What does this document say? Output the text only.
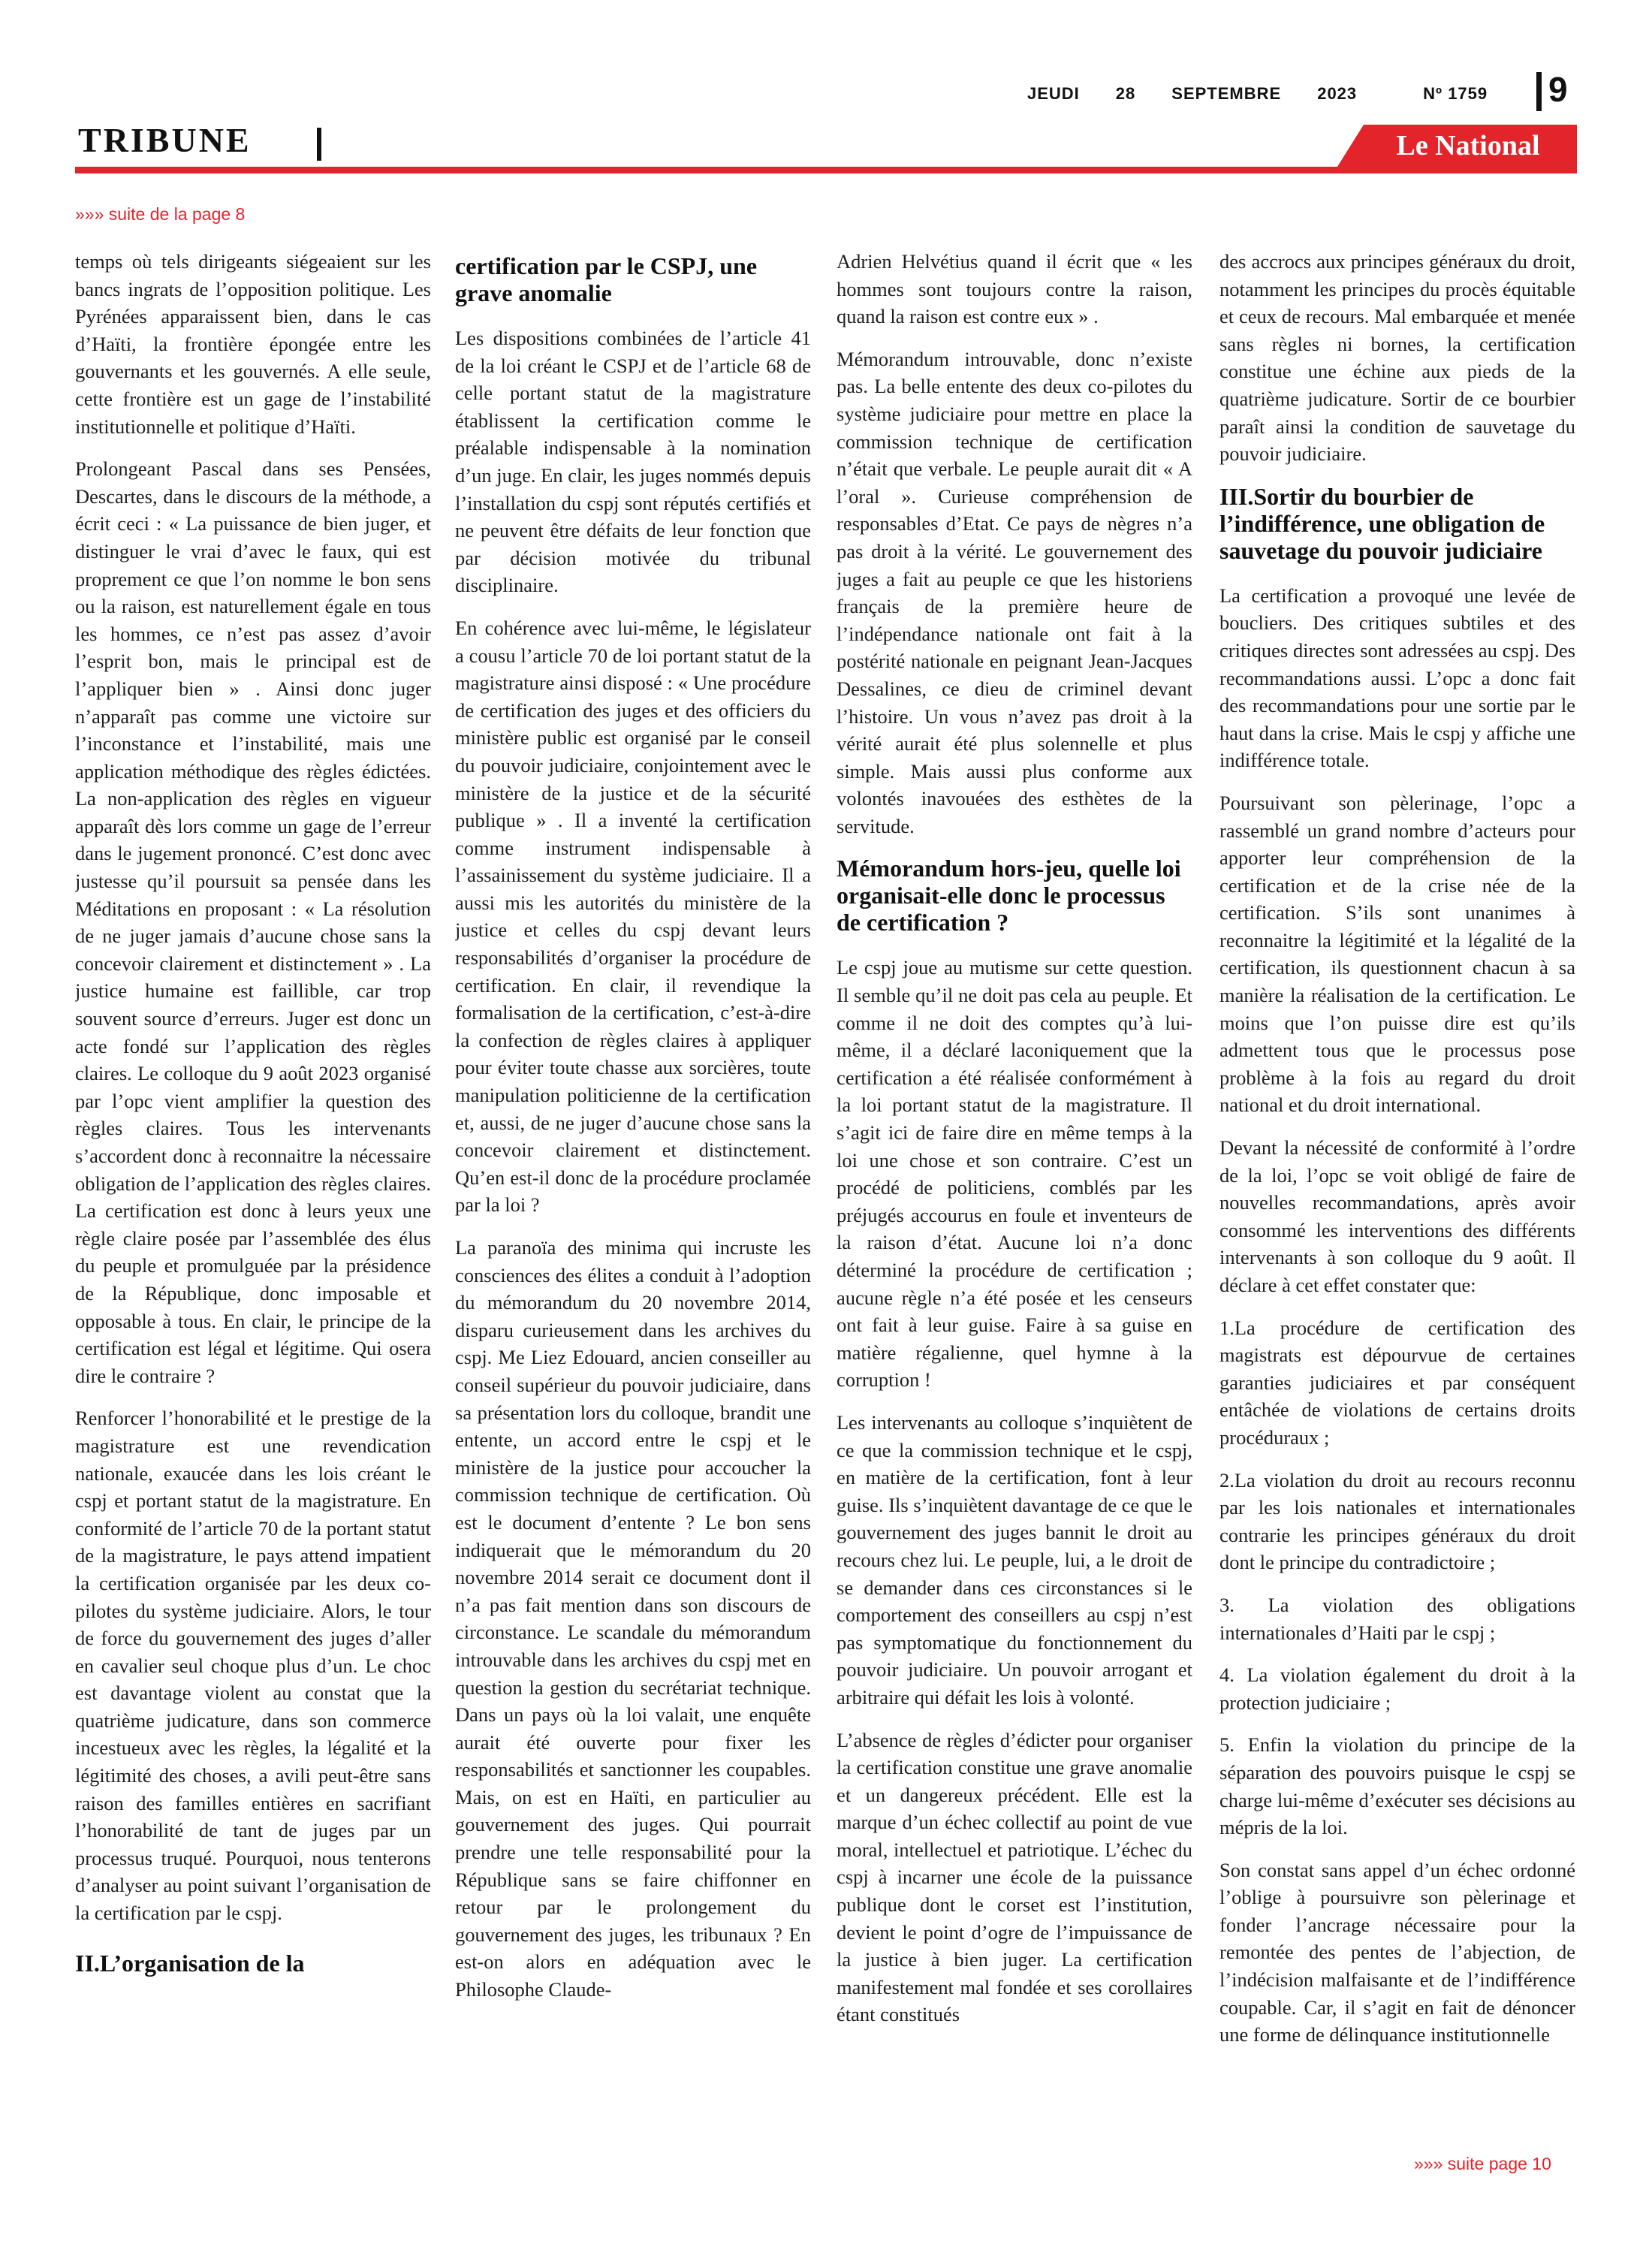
JEUDI 28 SEPTEMBRE 2023	Nº 1759	9
TRIBUNE	Le National
»»» suite de la page 8

temps où tels dirigeants siégeaient sur les bancs ingrats de l’opposition politique. Les Pyrénées apparaissent bien, dans le cas d’Haïti, la frontière épongée entre les gouvernants et les gouvernés. A elle seule, cette frontière est un gage de l’instabilité institutionnelle et politique d’Haïti.

Prolongeant Pascal dans ses Pensées, Descartes, dans le discours de la méthode, a écrit ceci : « La puissance de bien juger, et distinguer le vrai d’avec le faux, qui est proprement ce que l’on nomme le bon sens ou la raison, est naturellement égale en tous les hommes, ce n’est pas assez d’avoir l’esprit bon, mais le principal est de l’appliquer bien » . Ainsi donc juger n’apparaît pas comme une victoire sur l’inconstance et l’instabilité, mais une application méthodique des règles édictées. La non-application des règles en vigueur apparaît dès lors comme un gage de l’erreur dans le jugement prononcé. C’est donc avec justesse qu’il poursuit sa pensée dans les Méditations en proposant : « La résolution de ne juger jamais d’aucune chose sans la concevoir clairement et distinctement » . La justice humaine est faillible, car trop souvent source d’erreurs. Juger est donc un acte fondé sur l’application des règles claires. Le colloque du 9 août 2023 organisé par l’opc vient amplifier la question des règles claires. Tous les intervenants s’accordent donc à reconnaitre la nécessaire obligation de l’application des règles claires. La certification est donc à leurs yeux une règle claire posée par l’assemblée des élus du peuple et promulguée par la présidence de la République, donc imposable et opposable à tous. En clair, le principe de la certification est légal et légitime. Qui osera dire le contraire ?

Renforcer l’honorabilité et le prestige de la magistrature est une revendication nationale, exaucée dans les lois créant le cspj et portant statut de la magistrature. En conformité de l’article 70 de la portant statut de la magistrature, le pays attend impatient la certification organisée par les deux co-pilotes du système judiciaire. Alors, le tour de force du gouvernement des juges d’aller en cavalier seul choque plus d’un. Le choc est davantage violent au constat que la quatrième judicature, dans son commerce incestueux avec les règles, la légalité et la légitimité des choses, a avili peut-être sans raison des familles entières en sacrifiant l’honorabilité de tant de juges par un processus truqué. Pourquoi, nous tenterons d’analyser au point suivant l’organisation de la certification par le cspj.

II.L’organisation de la
certification par le CSPJ, une grave anomalie

Les dispositions combinées de l’article 41 de la loi créant le CSPJ et de l’article 68 de celle portant statut de la magistrature établissent la certification comme le préalable indispensable à la nomination d’un juge. En clair, les juges nommés depuis l’installation du cspj sont réputés certifiés et ne peuvent être défaits de leur fonction que par décision motivée du tribunal disciplinaire.

En cohérence avec lui-même, le législateur a cousu l’article 70 de loi portant statut de la magistrature ainsi disposé : « Une procédure de certification des juges et des officiers du ministère public est organisé par le conseil du pouvoir judiciaire, conjointement avec le ministère de la justice et de la sécurité publique » . Il a inventé la certification comme instrument indispensable à l’assainissement du système judiciaire. Il a aussi mis les autorités du ministère de la justice et celles du cspj devant leurs responsabilités d’organiser la procédure de certification. En clair, il revendique la formalisation de la certification, c’est-à-dire la confection de règles claires à appliquer pour éviter toute chasse aux sorcières, toute manipulation politicienne de la certification et, aussi, de ne juger d’aucune chose sans la concevoir clairement et distinctement. Qu’en est-il donc de la procédure proclamée par la loi ?

La paranoïa des minima qui incruste les consciences des élites a conduit à l’adoption du mémorandum du 20 novembre 2014, disparu curieusement dans les archives du cspj. Me Liez Edouard, ancien conseiller au conseil supérieur du pouvoir judiciaire, dans sa présentation lors du colloque, brandit une entente, un accord entre le cspj et le ministère de la justice pour accoucher la commission technique de certification. Où est le document d’entente ? Le bon sens indiquerait que le mémorandum du 20 novembre 2014 serait ce document dont il n’a pas fait mention dans son discours de circonstance. Le scandale du mémorandum introuvable dans les archives du cspj met en question la gestion du secrétariat technique. Dans un pays où la loi valait, une enquête aurait été ouverte pour fixer les responsabilités et sanctionner les coupables. Mais, on est en Haïti, en particulier au gouvernement des juges. Qui pourrait prendre une telle responsabilité pour la République sans se faire chiffonner en retour par le prolongement du gouvernement des juges, les tribunaux ? En est-on alors en adéquation avec le Philosophe Claude-

Adrien Helvétius quand il écrit que « les hommes sont toujours contre la raison, quand la raison est contre eux » .

Mémorandum introuvable, donc n’existe pas. La belle entente des deux co-pilotes du système judiciaire pour mettre en place la commission technique de certification n’était que verbale. Le peuple aurait dit « A l’oral ». Curieuse compréhension de responsables d’Etat. Ce pays de nègres n’a pas droit à la vérité. Le gouvernement des juges a fait au peuple ce que les historiens français de la première heure de l’indépendance nationale ont fait à la postérité nationale en peignant Jean-Jacques Dessalines, ce dieu de criminel devant l’histoire. Un vous n’avez pas droit à la vérité aurait été plus solennelle et plus simple. Mais aussi plus conforme aux volontés inavouées des esthètes de la servitude.

Mémorandum hors-jeu, quelle loi organisait-elle donc le processus de certification ?

Le cspj joue au mutisme sur cette question. Il semble qu’il ne doit pas cela au peuple. Et comme il ne doit des comptes qu’à lui-même, il a déclaré laconiquement que la certification a été réalisée conformément à la loi portant statut de la magistrature. Il s’agit ici de faire dire en même temps à la loi une chose et son contraire. C’est un procédé de politiciens, comblés par les préjugés accourus en foule et inventeurs de la raison d’état. Aucune loi n’a donc déterminé la procédure de certification ; aucune règle n’a été posée et les censeurs ont fait à leur guise. Faire à sa guise en matière régalienne, quel hymne à la corruption !

Les intervenants au colloque s’inquiètent de ce que la commission technique et le cspj, en matière de la certification, font à leur guise. Ils s’inquiètent davantage de ce que le gouvernement des juges bannit le droit au recours chez lui. Le peuple, lui, a le droit de se demander dans ces circonstances si le comportement des conseillers au cspj n’est pas symptomatique du fonctionnement du pouvoir judiciaire. Un pouvoir arrogant et arbitraire qui défait les lois à volonté.

L’absence de règles d’édicter pour organiser la certification constitue une grave anomalie et un dangereux précédent. Elle est la marque d’un échec collectif au point de vue moral, intellectuel et patriotique. L’échec du cspj à incarner une école de la puissance publique dont le corset est l’institution, devient le point d’ogre de l’impuissance de la justice à bien juger. La certification manifestement mal fondée et ses corollaires étant constitués

des accrocs aux principes généraux du droit, notamment les principes du procès équitable et ceux de recours. Mal embarquée et menée sans règles ni bornes, la certification constitue une échine aux pieds de la quatrième judicature. Sortir de ce bourbier paraît ainsi la condition de sauvetage du pouvoir judiciaire.

III.Sortir du bourbier de l’indifférence, une obligation de sauvetage du pouvoir judiciaire

La certification a provoqué une levée de boucliers. Des critiques subtiles et des critiques directes sont adressées au cspj. Des recommandations aussi. L’opc a donc fait des recommandations pour une sortie par le haut dans la crise. Mais le cspj y affiche une indifférence totale.

Poursuivant son pèlerinage, l’opc a rassemblé un grand nombre d’acteurs pour apporter leur compréhension de la certification et de la crise née de la certification. S’ils sont unanimes à reconnaitre la légitimité et la légalité de la certification, ils questionnent chacun à sa manière la réalisation de la certification. Le moins que l’on puisse dire est qu’ils admettent tous que le processus pose problème à la fois au regard du droit national et du droit international.

Devant la nécessité de conformité à l’ordre de la loi, l’opc se voit obligé de faire de nouvelles recommandations, après avoir consommé les interventions des différents intervenants à son colloque du 9 août. Il déclare à cet effet constater que:

1.La procédure de certification des magistrats est dépourvue de certaines garanties judiciaires et par conséquent entâchée de violations de certains droits procéduraux ;

2.La violation du droit au recours reconnu par les lois nationales et internationales contrarie les principes généraux du droit dont le principe du contradictoire ;

3. La violation des obligations internationales d’Haiti par le cspj ;

4. La violation également du droit à la protection judiciaire ;

5. Enfin la violation du principe de la séparation des pouvoirs puisque le cspj se charge lui-même d’exécuter ses décisions au mépris de la loi.

Son constat sans appel d’un échec ordonné l’oblige à poursuivre son pèlerinage et fonder l’ancrage nécessaire pour la remontée des pentes de l’abjection, de l’indécision malfaisante et de l’indifférence coupable. Car, il s’agit en fait de dénoncer une forme de délinquance institutionnelle

»»» suite page 10
